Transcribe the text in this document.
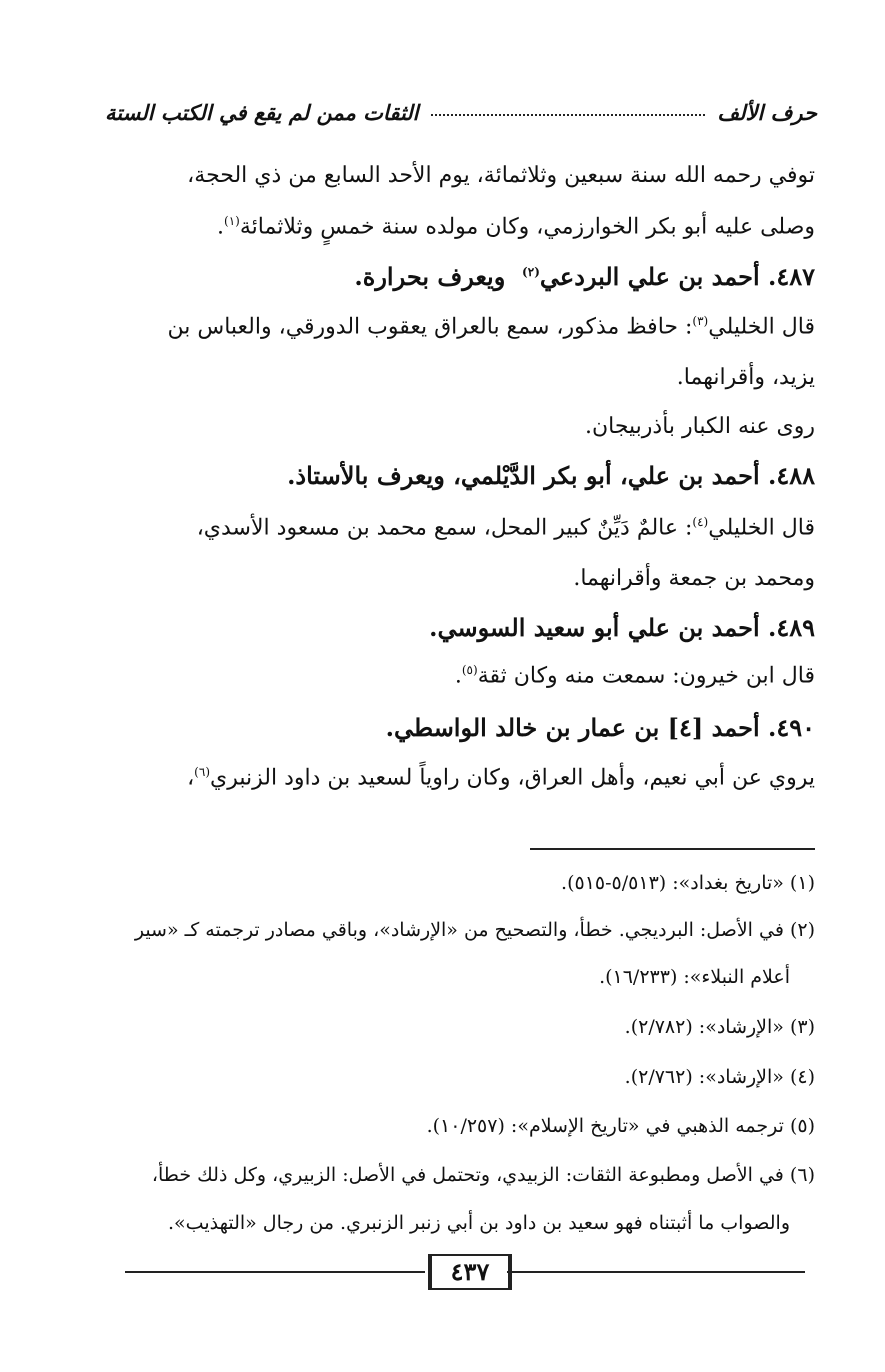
حرف الألف
الثقات ممن لم يقع في الكتب الستة
توفي رحمه الله سنة سبعين وثلاثمائة، يوم الأحد السابع من ذي الحجة،
وصلى عليه أبو بكر الخوارزمي، وكان مولده سنة خمسٍ وثلاثمائة$^{(١)}$.
٤٨٧. أحمد بن علي البردعي$^{(٢)}$  ويعرف بحرارة.
قال الخليلي$^{(٣)}$: حافظ مذكور، سمع بالعراق يعقوب الدورقي، والعباس بن
يزيد، وأقرانهما.
روى عنه الكبار بأذربيجان.
٤٨٨. أحمد بن علي، أبو بكر الدَّيْلمي، ويعرف بالأستاذ.
قال الخليلي$^{(٤)}$: عالمٌ دَيِّنٌ كبير المحل، سمع محمد بن مسعود الأسدي،
ومحمد بن جمعة وأقرانهما.
٤٨٩. أحمد بن علي أبو سعيد السوسي.
قال ابن خيرون: سمعت منه وكان ثقة$^{(٥)}$.
٤٩٠. أحمد [٤] بن عمار بن خالد الواسطي.
يروي عن أبي نعيم، وأهل العراق، وكان راوياً لسعيد بن داود الزنبري$^{(٦)}$،
(١) «تاريخ بغداد»: (٥/٥١٣-٥١٥).
(٢) في الأصل: البرديجي. خطأ، والتصحيح من «الإرشاد»، وباقي مصادر ترجمته كـ «سير
أعلام النبلاء»: (١٦/٢٣٣).
(٣) «الإرشاد»: (٢/٧٨٢).
(٤) «الإرشاد»: (٢/٧٦٢).
(٥) ترجمه الذهبي في «تاريخ الإسلام»: (١٠/٢٥٧).
(٦) في الأصل ومطبوعة الثقات: الزبيدي، وتحتمل في الأصل: الزبيري، وكل ذلك خطأ،
والصواب ما أثبتناه فهو سعيد بن داود بن أبي زنبر الزنبري. من رجال «التهذيب».
٤٣٧
